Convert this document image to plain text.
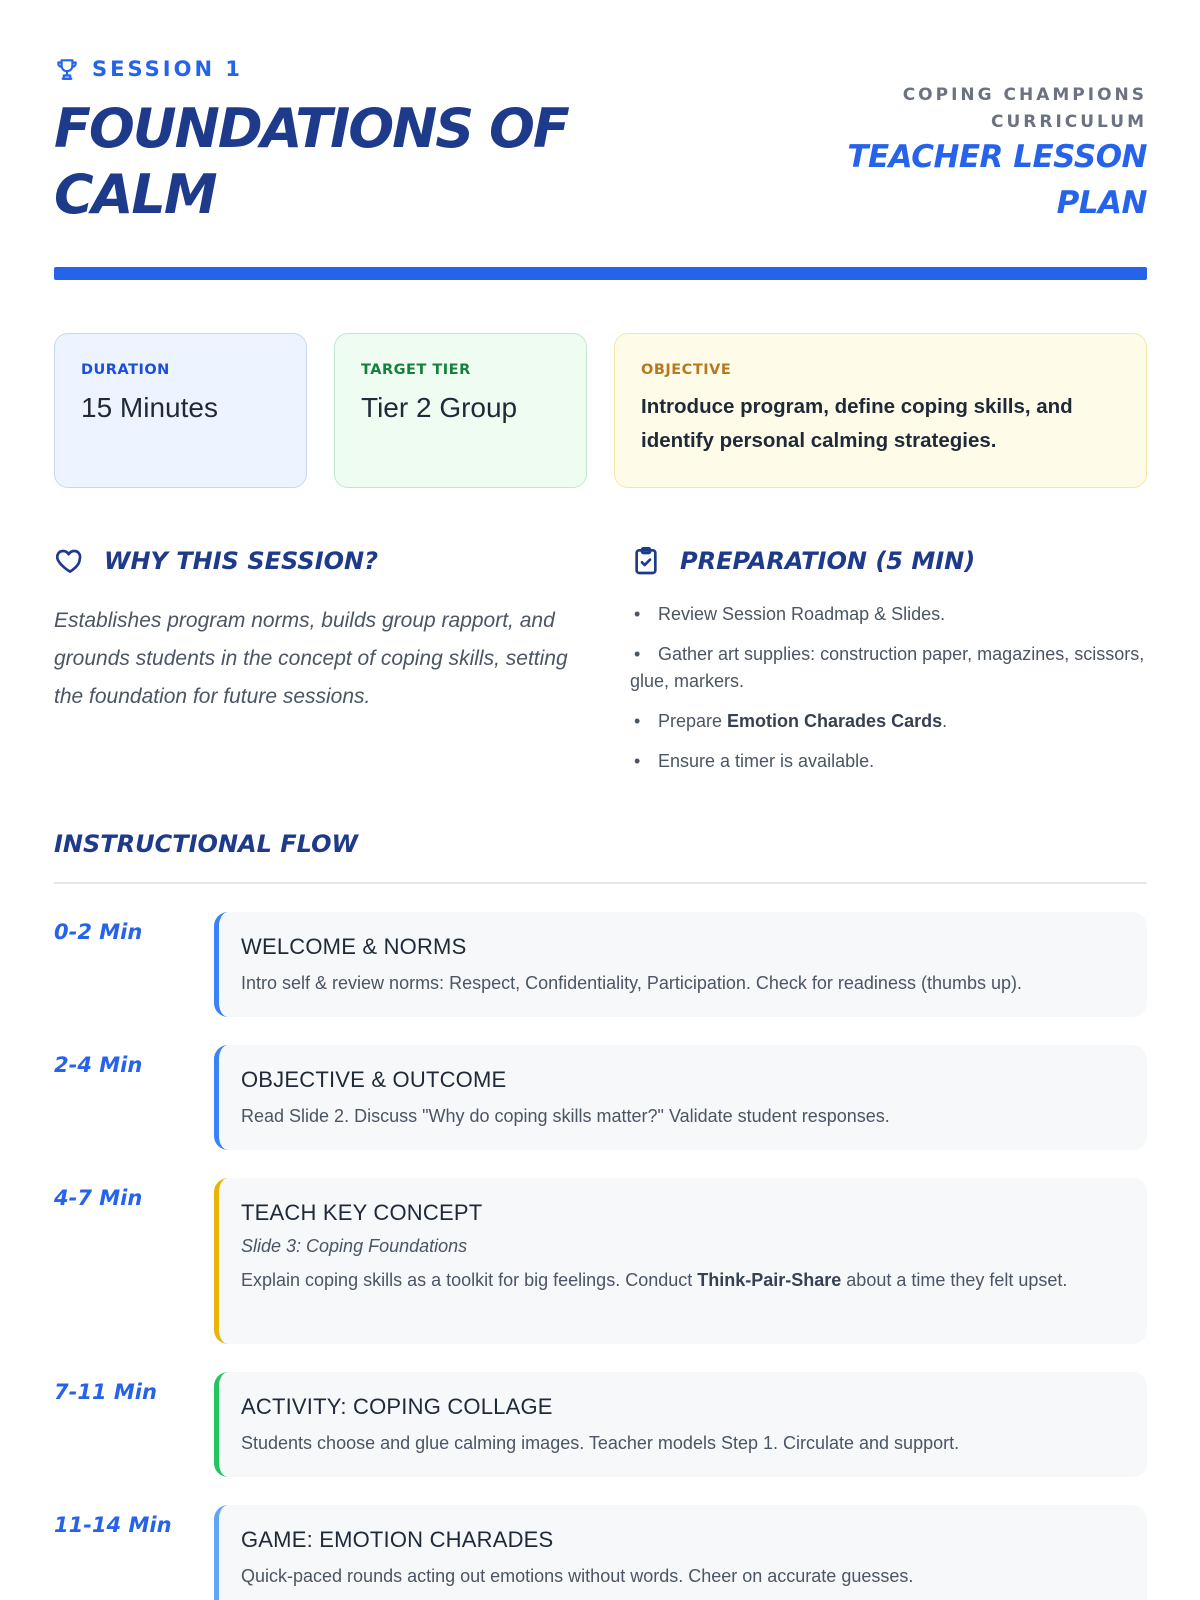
SESSION 1
FOUNDATIONS OF CALM
COPING CHAMPIONS CURRICULUM
TEACHER LESSON PLAN
DURATION
15 Minutes
TARGET TIER
Tier 2 Group
OBJECTIVE
Introduce program, define coping skills, and identify personal calming strategies.
WHY THIS SESSION?
Establishes program norms, builds group rapport, and grounds students in the concept of coping skills, setting the foundation for future sessions.
PREPARATION (5 MIN)
• Review Session Roadmap & Slides.
• Gather art supplies: construction paper, magazines, scissors, glue, markers.
• Prepare Emotion Charades Cards.
• Ensure a timer is available.
INSTRUCTIONAL FLOW
0-2 Min
WELCOME & NORMS
Intro self & review norms: Respect, Confidentiality, Participation. Check for readiness (thumbs up).
2-4 Min
OBJECTIVE & OUTCOME
Read Slide 2. Discuss "Why do coping skills matter?" Validate student responses.
4-7 Min
TEACH KEY CONCEPT
Slide 3: Coping Foundations
Explain coping skills as a toolkit for big feelings. Conduct Think-Pair-Share about a time they felt upset.
7-11 Min
ACTIVITY: COPING COLLAGE
Students choose and glue calming images. Teacher models Step 1. Circulate and support.
11-14 Min
GAME: EMOTION CHARADES
Quick-paced rounds acting out emotions without words. Cheer on accurate guesses.
